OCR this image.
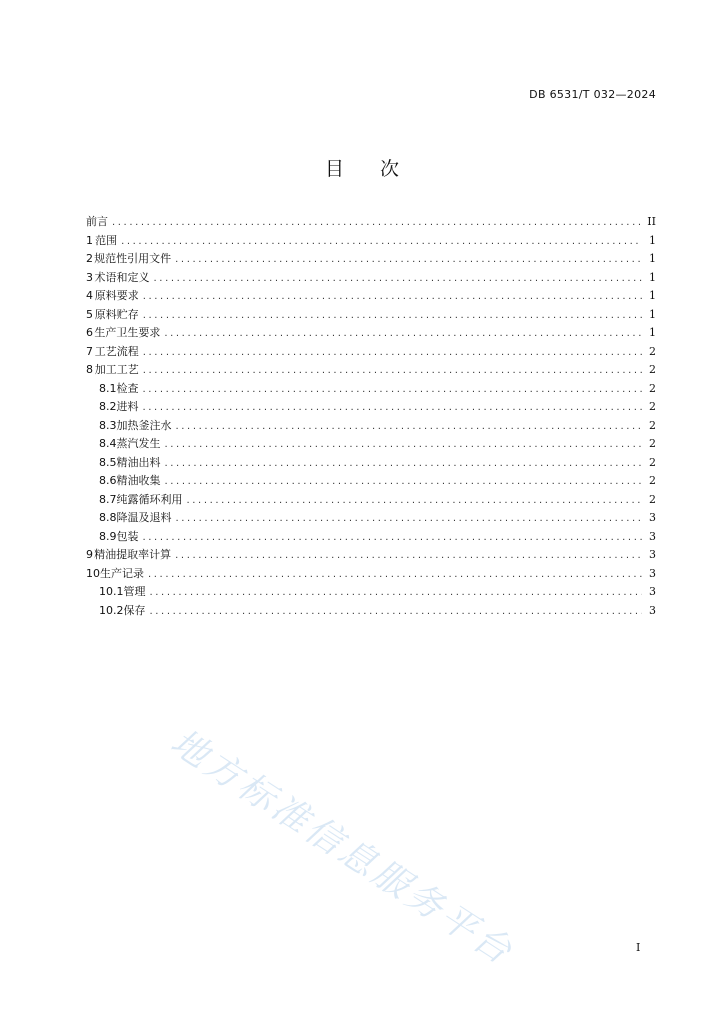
DB 6531/T 032—2024
目 次
前言 .....	II
1 范围 .....	1
2 规范性引用文件 .....	1
3 术语和定义 .....	1
4 原料要求 .....	1
5 原料贮存 .....	1
6 生产卫生要求 .....	1
7 工艺流程 .....	2
8 加工工艺 .....	2
8.1 检查 .....	2
8.2 进料 .....	2
8.3 加热釜注水 .....	2
8.4 蒸汽发生 .....	2
8.5 精油出料 .....	2
8.6 精油收集 .....	2
8.7 纯露循环利用 .....	2
8.8 降温及退料 .....	3
8.9 包装 .....	3
9 精油提取率计算 .....	3
10 生产记录 .....	3
10.1 管理 .....	3
10.2 保存 .....	3
地方标准信息服务平台	I
